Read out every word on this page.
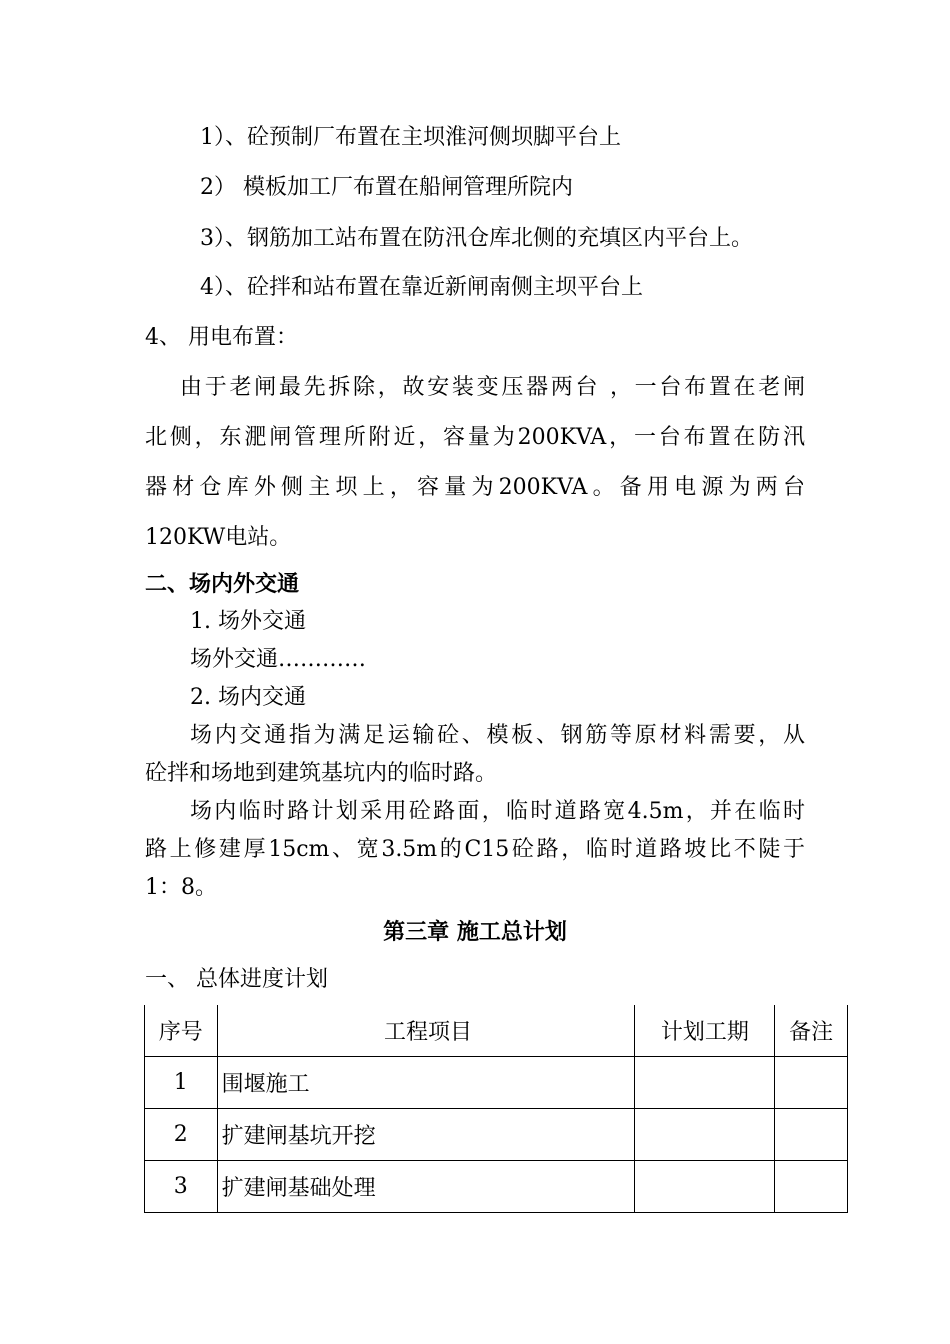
1）、砼预制厂布置在主坝淮河侧坝脚平台上
2） 模板加工厂布置在船闸管理所院内
3）、钢筋加工站布置在防汛仓库北侧的充填区内平台上。
4）、砼拌和站布置在靠近新闸南侧主坝平台上
4、 用电布置：
由于老闸最先拆除，故安装变压器两台 ，一台布置在老闸
北侧，东淝闸管理所附近，容量为200KVA，一台布置在防汛
器材仓库外侧主坝上，容量为200KVA。备用电源为两台
120KW电站。
二、场内外交通
1. 场外交通
场外交通…………
2. 场内交通
场内交通指为满足运输砼、模板、钢筋等原材料需要，从
砼拌和场地到建筑基坑内的临时路。
场内临时路计划采用砼路面，临时道路宽4.5m，并在临时
路上修建厚15cm、宽3.5m的C15砼路，临时道路坡比不陡于
1：8。
第三章 施工总计划
一、 总体进度计划
序号	工程项目	计划工期	备注
1	围堰施工		
2	扩建闸基坑开挖		
3	扩建闸基础处理		
